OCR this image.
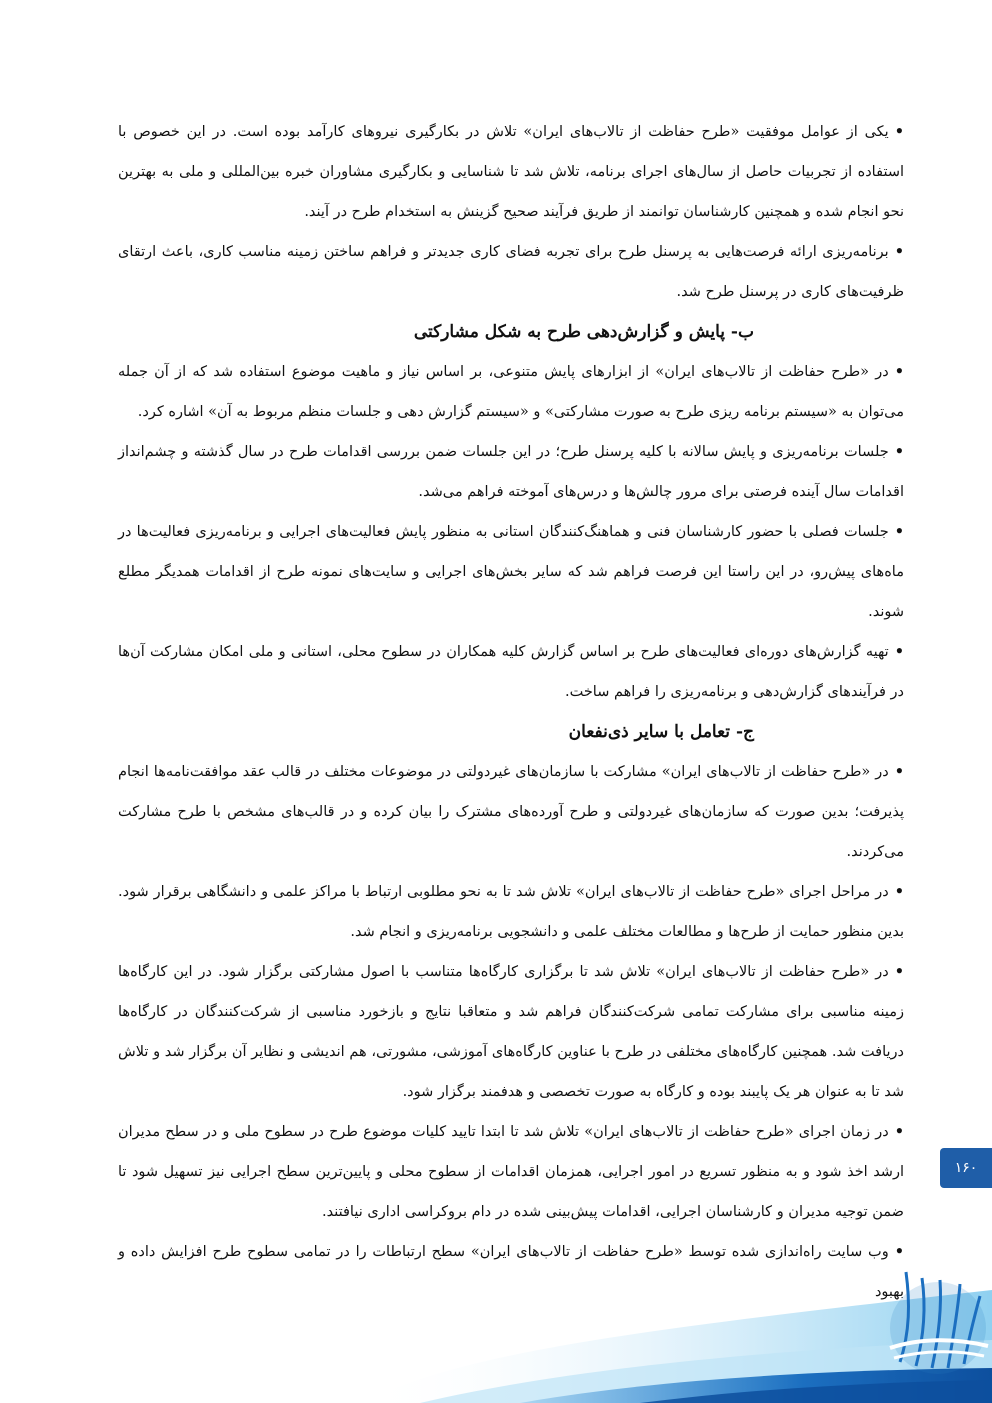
•یکی از عوامل موفقیت «طرح حفاظت از تالاب‌های ایران» تلاش در بکارگیری نیروهای کارآمد بوده است. در این خصوص با استفاده از تجربیات حاصل از سال‌های اجرای برنامه، تلاش شد تا شناسایی و بکارگیری مشاوران خبره بین‌المللی و ملی به بهترین نحو انجام شده و همچنین کارشناسان توانمند از طریق فرآیند صحیح گزینش به استخدام طرح در آیند.

•برنامه‌ریزی ارائه فرصت‌هایی به پرسنل طرح برای تجربه فضای کاری جدیدتر و فراهم ساختن زمینه مناسب کاری، باعث ارتقای ظرفیت‌های کاری در پرسنل طرح شد.

ب- پایش و گزارش‌دهی طرح به شکل مشارکتی

•در «طرح حفاظت از تالاب‌های ایران» از ابزارهای پایش متنوعی، بر اساس نیاز و ماهیت موضوع استفاده شد که از آن جمله می‌توان به «سیستم برنامه ریزی طرح به صورت مشارکتی» و «سیستم گزارش دهی و جلسات منظم مربوط به آن» اشاره کرد.

•جلسات برنامه‌ریزی و پایش سالانه با کلیه پرسنل طرح؛ در این جلسات ضمن بررسی اقدامات طرح در سال گذشته و چشم‌انداز اقدامات سال آینده فرصتی برای مرور چالش‌ها و درس‌های آموخته فراهم می‌شد.

•جلسات فصلی با حضور کارشناسان فنی و هماهنگ‌کنندگان استانی به منظور پایش فعالیت‌های اجرایی و برنامه‌ریزی فعالیت‌ها در ماه‌های پیش‌رو، در این راستا این فرصت فراهم شد که سایر بخش‌های اجرایی و سایت‌های نمونه طرح از اقدامات همدیگر مطلع شوند.

•تهیه گزارش‌های دوره‌ای فعالیت‌های طرح بر اساس گزارش کلیه همکاران در سطوح محلی، استانی و ملی امکان مشارکت آن‌ها در فرآیندهای گزارش‌دهی و برنامه‌ریزی را فراهم ساخت.

ج- تعامل با سایر ذی‌نفعان

•در «طرح حفاظت از تالاب‌های ایران» مشارکت با سازمان‌های غیردولتی در موضوعات مختلف در قالب عقد موافقت‌نامه‌ها انجام پذیرفت؛ بدین صورت که سازمان‌های غیردولتی و طرح آورده‌های مشترک را بیان کرده و در قالب‌های مشخص با طرح مشارکت می‌کردند.

•در مراحل اجرای «طرح حفاظت از تالاب‌های ایران» تلاش شد تا به نحو مطلوبی ارتباط با مراکز علمی و دانشگاهی برقرار شود. بدین منظور حمایت از طرح‌ها و مطالعات مختلف علمی و دانشجویی برنامه‌ریزی و انجام شد.

•در «طرح حفاظت از تالاب‌های ایران» تلاش شد تا برگزاری کارگاه‌ها متناسب با اصول مشارکتی برگزار شود. در این کارگاه‌ها زمینه مناسبی برای مشارکت تمامی شرکت‌کنندگان فراهم شد و متعاقبا نتایج و بازخورد مناسبی از شرکت‌کنندگان در کارگاه‌ها دریافت شد. همچنین کارگاه‌های مختلفی در طرح با عناوین کارگاه‌های آموزشی، مشورتی، هم اندیشی و نظایر آن برگزار شد و تلاش شد تا به عنوان هر یک پایبند بوده و کارگاه به صورت تخصصی و هدفمند برگزار شود.

•در زمان اجرای «طرح حفاظت از تالاب‌های ایران» تلاش شد تا ابتدا تایید کلیات موضوع طرح در سطوح ملی و در سطح مدیران ارشد اخذ شود و به منظور تسریع در امور اجرایی، همزمان اقدامات از سطوح محلی و پایین‌ترین سطح اجرایی نیز تسهیل شود تا ضمن توجیه مدیران و کارشناسان اجرایی، اقدامات پیش‌بینی شده در دام بروکراسی اداری نیافتند.

•وب سایت راه‌اندازی شده توسط «طرح حفاظت از تالاب‌های ایران» سطح ارتباطات را در تمامی سطوح طرح افزایش داده و بهبود

۱۶۰
